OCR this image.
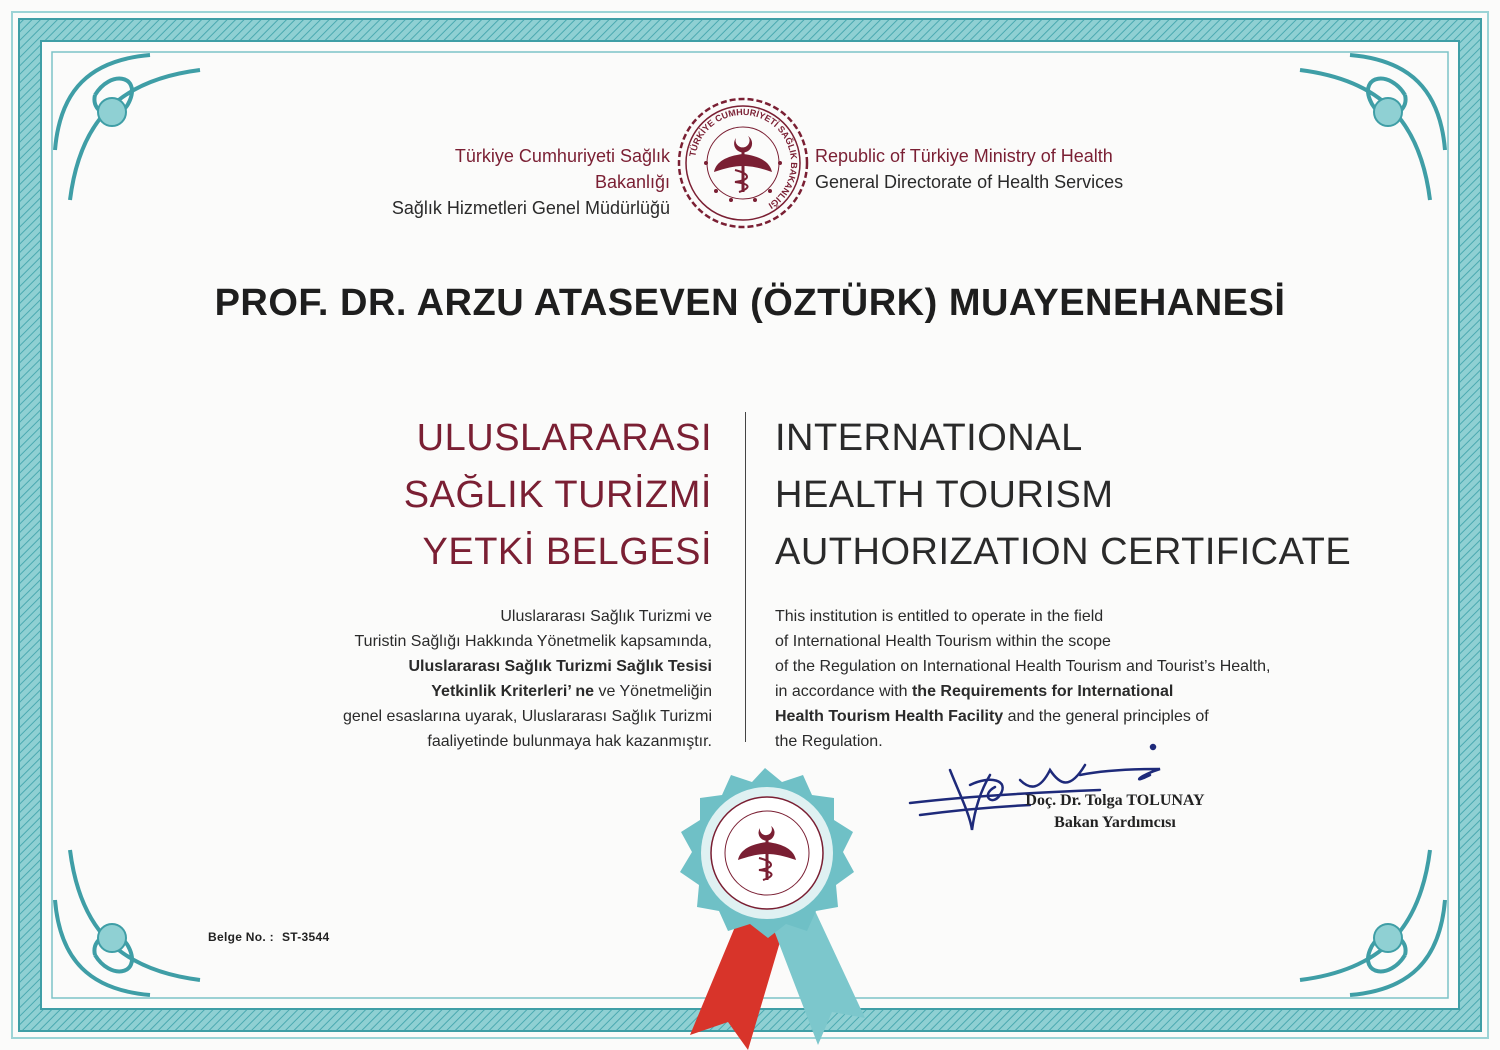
Türkiye Cumhuriyeti Sağlık Bakanlığı
Sağlık Hizmetleri Genel Müdürlüğü
TÜRKİYE CUMHURİYETİ SAĞLIK BAKANLIĞI
Republic of Türkiye Ministry of Health
General Directorate of Health Services
PROF. DR. ARZU ATASEVEN (ÖZTÜRK) MUAYENEHANESİ
ULUSLARARASI
SAĞLIK TURİZMİ
YETKİ BELGESİ
INTERNATIONAL
HEALTH TOURISM
AUTHORIZATION CERTIFICATE
Uluslararası Sağlık Turizmi ve
Turistin Sağlığı Hakkında Yönetmelik kapsamında,
Uluslararası Sağlık Turizmi Sağlık Tesisi
Yetkinlik Kriterleri’ ne ve Yönetmeliğin
genel esaslarına uyarak, Uluslararası Sağlık Turizmi
faaliyetinde bulunmaya hak kazanmıştır.
This institution is entitled to operate in the field
of International Health Tourism within the scope
of the Regulation on International Health Tourism and Tourist’s Health,
in accordance with the Requirements for International
Health Tourism Health Facility and the general principles of
the Regulation.
Doç. Dr. Tolga TOLUNAY
Bakan Yardımcısı
Belge No. : ST-3544
